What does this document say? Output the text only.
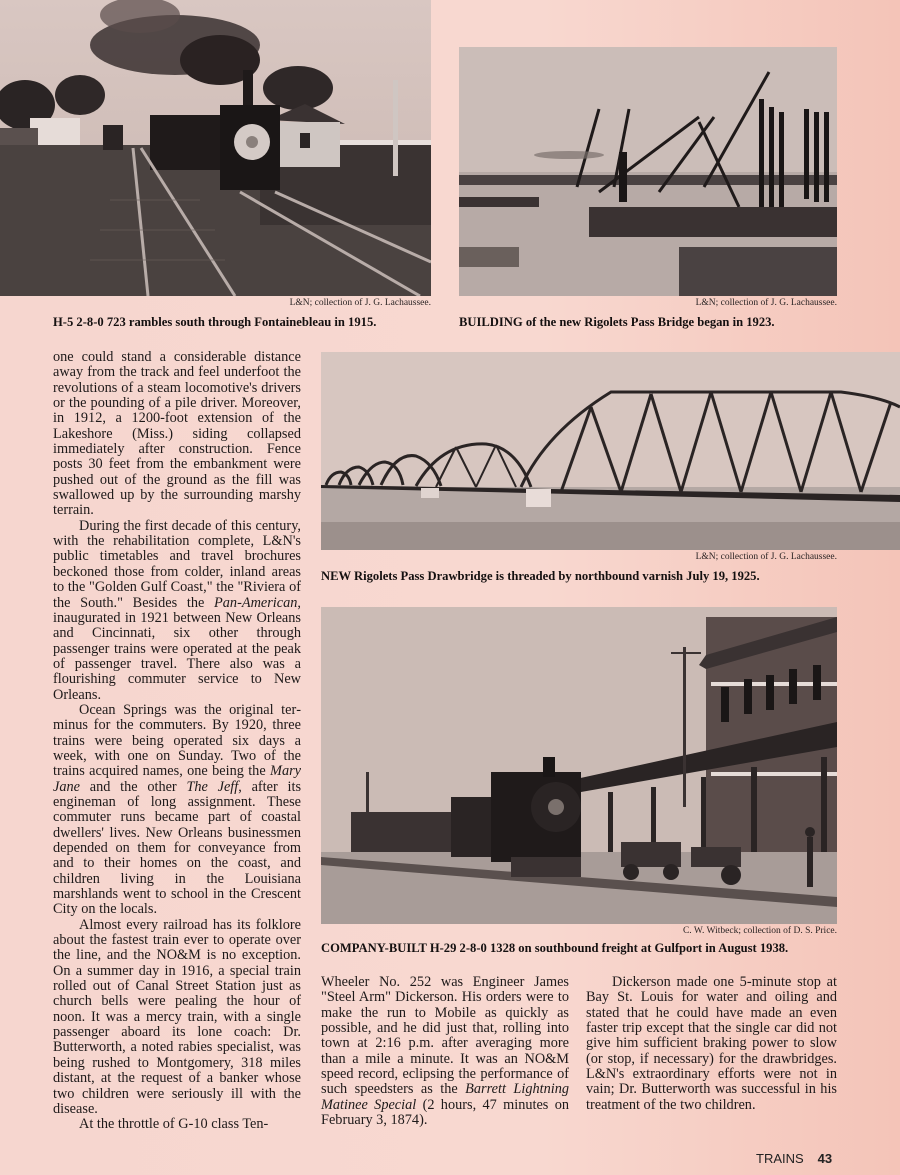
L&N; collection of J. G. Lachaussee.
H-5 2-8-0 723 rambles south through Fontainebleau in 1915.
L&N; collection of J. G. Lachaussee.
BUILDING of the new Rigolets Pass Bridge began in 1923.
L&N; collection of J. G. Lachaussee.
NEW Rigolets Pass Drawbridge is threaded by northbound varnish July 19, 1925.
C. W. Witbeck; collection of D. S. Price.
COMPANY-BUILT H-29 2-8-0 1328 on southbound freight at Gulfport in August 1938.

one could stand a considerable distance away from the track and feel underfoot the revolutions of a steam locomotive's drivers or the pounding of a pile driver. Moreover, in 1912, a 1200-foot extension of the Lakeshore (Miss.) siding collapsed immediately after construction. Fence posts 30 feet from the embankment were pushed out of the ground as the fill was swallowed up by the surrounding marshy terrain.

During the first decade of this century, with the rehabilitation complete, L&N's public timetables and travel brochures beckoned those from colder, inland areas to the "Golden Gulf Coast," the "Riviera of the South." Besides the Pan-American, inaugurated in 1921 between New Orleans and Cincinnati, six other through passenger trains were operated at the peak of passenger travel. There also was a flourishing commuter service to New Orleans.

Ocean Springs was the original terminus for the commuters. By 1920, three trains were being operated six days a week, with one on Sunday. Two of the trains acquired names, one being the Mary Jane and the other The Jeff, after its engineman of long assignment. These commuter runs became part of coastal dwellers' lives. New Orleans businessmen depended on them for conveyance from and to their homes on the coast, and children living in the Louisiana marshlands went to school in the Crescent City on the locals.

Almost every railroad has its folklore about the fastest train ever to operate over the line, and the NO&M is no exception. On a summer day in 1916, a special train rolled out of Canal Street Station just as church bells were pealing the hour of noon. It was a mercy train, with a single passenger aboard its lone coach: Dr. Butterworth, a noted rabies specialist, was being rushed to Montgomery, 318 miles distant, at the request of a banker whose two children were seriously ill with the disease.

At the throttle of G-10 class Ten-

Wheeler No. 252 was Engineer James "Steel Arm" Dickerson. His orders were to make the run to Mobile as quickly as possible, and he did just that, rolling into town at 2:16 p.m. after averaging more than a mile a minute. It was an NO&M speed record, eclipsing the performance of such speedsters as the Barrett Lightning Matinee Special (2 hours, 47 minutes on February 3, 1874).

Dickerson made one 5-minute stop at Bay St. Louis for water and oiling and stated that he could have made an even faster trip except that the single car did not give him sufficient braking power to slow (or stop, if necessary) for the drawbridges. L&N's extraordinary efforts were not in vain; Dr. Butterworth was successful in his treatment of the two children.

TRAINS 43
